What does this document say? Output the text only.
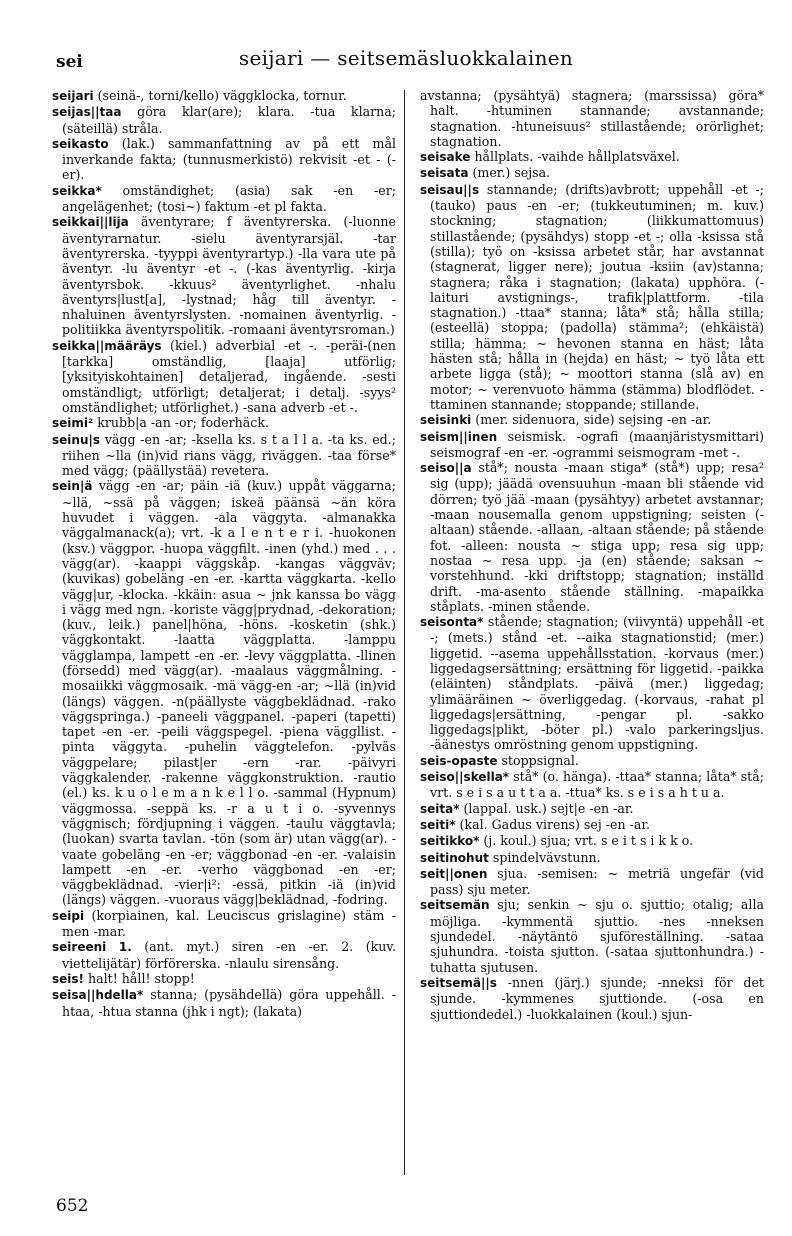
sei	seijari — seitsemäsluokkalainen

seijari (seinä-, torni/kello) väggklocka, tornur.

seijas||taa göra klar(are); klara. -tua klarna; (säteillä) stråla.

seikasto (lak.) sammanfattning av på ett mål inverkande fakta; (tunnusmerkistö) rekvisit -et - (-er).

seikka* omständighet; (asia) sak -en -er; angelägenhet; (tosi~) faktum -et pl fakta.

seikkai||lija äventyrare; f äventyrerska. (-luonne äventyrarnatur. -sielu äventyrarsjäl. -tar äventyrerska. -tyyppi äventyrartyp.) -lla vara ute på äventyr. -lu äventyr -et -. (-kas äventyrlig. -kirja äventyrsbok. -kkuus² äventyrlighet. -nhalu äventyrs|lust[a], -lystnad; håg till äventyr. -nhaluinen äventyrslysten. -nomainen äventyrlig. -politiikka äventyrspolitik. -romaani äventyrsroman.)

seikka||määräys (kiel.) adverbial -et -. -peräi-(nen [tarkka] omständlig, [laaja] utförlig; [yksityiskohtainen] detaljerad, ingående. -sesti omständligt; utförligt; detaljerat; i detalj. -syys² omständlighet; utförlighet.) -sana adverb -et -.

seimi² krubb|a -an -or; foderhäck.

seinu|s vägg -en -ar; -ksella ks. s t a l l a. -ta ks. ed.; riihen ~lla (in)vid rians vägg, riväggen. -taa förse* med vägg; (päällystää) revetera.

sein|ä vägg -en -ar; päin -iä (kuv.) uppåt väggarna; ~llä, ~ssä på väggen; iskeä päänsä ~än köra huvudet i väggen. -ala väggyta. -almanakka väggalmanack(a); vrt. -k a l e n t e r i. -huokonen (ksv.) väggpor. -huopa väggfilt. -inen (yhd.) med . . . vägg(ar). -kaappi väggskåp. -kangas väggväv; (kuvikas) gobeläng -en -er. -kartta väggkarta. -kello vägg|ur, -klocka. -kkäin: asua ~ jnk kanssa bo vägg i vägg med ngn. -koriste vägg|prydnad, -dekoration; (kuv., leik.) panel|höna, -höns. -kosketin (shk.) väggkontakt. -laatta väggplatta. -lamppu vägglampa, lampett -en -er. -levy väggplatta. -llinen (försedd) med vägg(ar). -maalaus väggmålning. -mosaiikki väggmosaik. -mä vägg-en -ar; ~llä (in)vid (längs) väggen. -n(päällyste väggbeklädnad. -rako väggspringa.) -paneeli väggpanel. -paperi (tapetti) tapet -en -er. -peili väggspegel. -piena väggllist. -pinta väggyta. -puhelin väggtelefon. -pylväs väggpelare; pilast|er -ern -rar. -päivyri väggkalender. -rakenne väggkonstruktion. -rautio (el.) ks. k u o l e m a n k e l l o. -sammal (Hypnum) väggmossa. -seppä ks. -r a u t i o. -syvennys väggnisch; fördjupning i väggen. -taulu väggtavla; (luokan) svarta tavlan. -tön (som är) utan vägg(ar). -vaate gobeläng -en -er; väggbonad -en -er. -valaisin lampett -en -er. -verho väggbonad -en -er; väggbeklädnad. -vier|i²: -essä, pitkin -iä (in)vid (längs) väggen. -vuoraus vägg|beklädnad, -fodring.

seipi (korpiainen, kal. Leuciscus grislagine) stäm -men -mar.

seireeni 1. (ant. myt.) siren -en -er. 2. (kuv. viettelijätär) förförerska. -nlaulu sirensång.

seis! halt! håll! stopp!

seisa||hdella* stanna; (pysähdellä) göra uppehåll. -htaa, -htua stanna (jhk i ngt); (lakata)

avstanna; (pysähtyä) stagnera; (marssissa) göra* halt. -htuminen stannande; avstannande; stagnation. -htuneisuus² stillastående; orörlighet; stagnation.

seisake hållplats. -vaihde hållplatsväxel.

seisata (mer.) sejsa.

seisau||s stannande; (drifts)avbrott; uppehåll -et -; (tauko) paus -en -er; (tukkeutuminen; m. kuv.) stockning; stagnation; (liikkumattomuus) stillastående; (pysähdys) stopp -et -; olla -ksissa stå (stilla); työ on -ksissa arbetet står, har avstannat (stagnerat, ligger nere); joutua -ksiin (av)stanna; stagnera; råka i stagnation; (lakata) upphöra. (-laituri avstignings-, trafik|plattform. -tila stagnation.) -ttaa* stanna; låta* stå; hålla stilla; (esteellä) stoppa; (padolla) stämma²; (ehkäistä) stilla; hämma; ~ hevonen stanna en häst; låta hästen stå; hålla in (hejda) en häst; ~ työ låta ett arbete ligga (stå); ~ moottori stanna (slå av) en motor; ~ verenvuoto hämma (stämma) blodflödet. -ttaminen stannande; stoppande; stillande.

seisinki (mer. sidenuora, side) sejsing -en -ar.

seism||inen seismisk. -ografi (maanjäristysmittari) seismograf -en -er. -ogrammi seismogram -met -.

seiso||a stå*; nousta -maan stiga* (stå*) upp; resa² sig (upp); jäädä ovensuuhun -maan bli stående vid dörren; työ jää -maan (pysähtyy) arbetet avstannar; -maan nousemalla genom uppstigning; seisten (-altaan) stående. -allaan, -altaan stående; på stående fot. -alleen: nousta ~ stiga upp; resa sig upp; nostaa ~ resa upp. -ja (en) stående; saksan ~ vorstehhund. -kki driftstopp; stagnation; inställd drift. -ma-asento stående ställning. -mapaikka ståplats. -minen stående.

seisonta* stående; stagnation; (viivyntä) uppehåll -et -; (mets.) stånd -et. --aika stagnationstid; (mer.) liggetid. --asema uppehållsstation. -korvaus (mer.) liggedagsersättning; ersättning för liggetid. -paikka (eläinten) ståndplats. -päivä (mer.) liggedag; ylimääräinen ~ överliggedag. (-korvaus, -rahat pl liggedags|ersättning, -pengar pl. -sakko liggedags|plikt, -böter pl.) -valo parkeringsljus. -äänestys omröstning genom uppstigning.

seis-opaste stoppsignal.

seiso||skella* stå* (o. hänga). -ttaa* stanna; låta* stå; vrt. s e i s a u t t a a. -ttua* ks. s e i s a h t u a.

seita* (lappal. usk.) sejt|e -en -ar.

seiti* (kal. Gadus virens) sej -en -ar.

seitikko* (j. koul.) sjua; vrt. s e i t s i k k o.

seitinohut spindelvävstunn.

seit||onen sjua. -semisen: ~ metriä ungefär (vid pass) sju meter.

seitsemän sju; senkin ~ sju o. sjuttio; otalig; alla möjliga. -kymmentä sjuttio. -nes -nneksen sjundedel. -näytäntö sjuföreställning. -sataa sjuhundra. -toista sjutton. (-sataa sjuttonhundra.) -tuhatta sjutusen.

seitsemä||s -nnen (järj.) sjunde; -nneksi för det sjunde. -kymmenes sjuttionde. (-osa en sjuttiondedel.) -luokkalainen (koul.) sjun-

652
